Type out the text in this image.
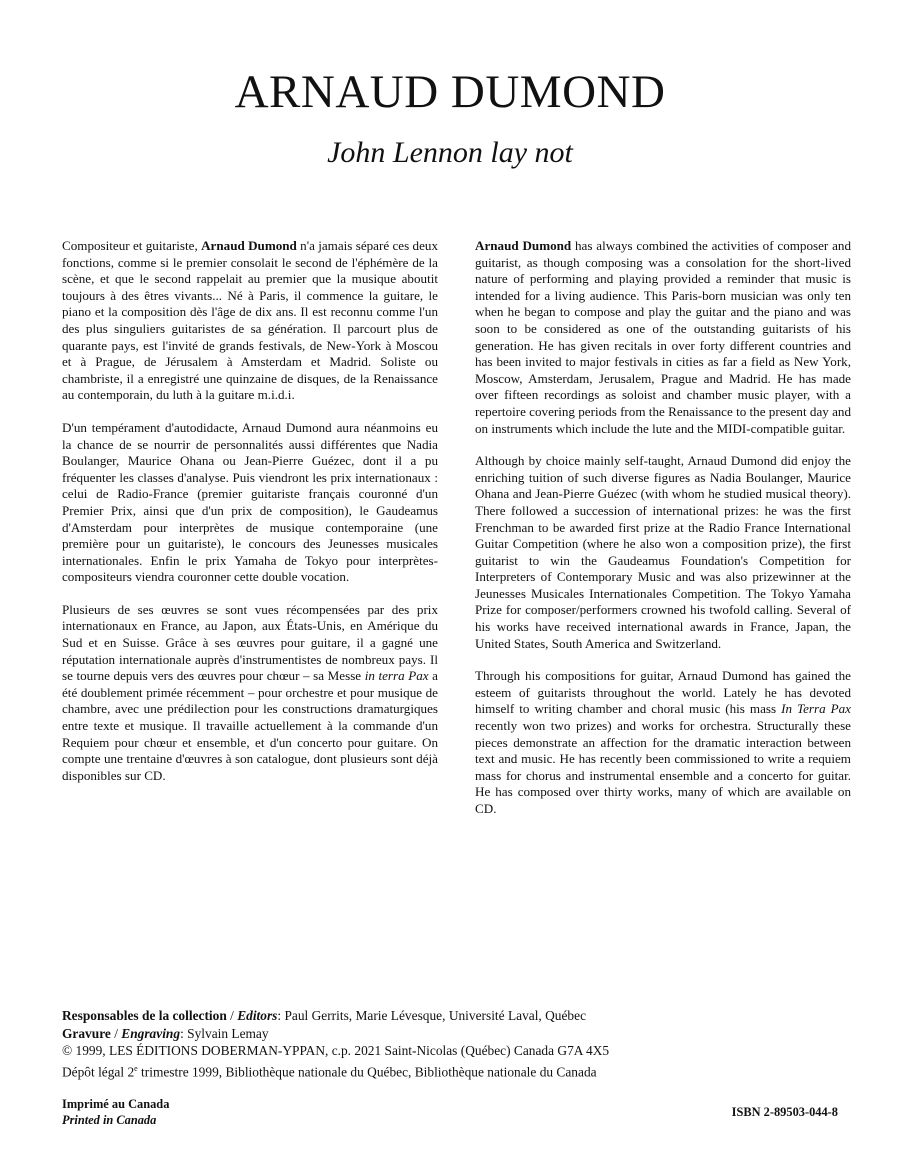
ARNAUD DUMOND
John Lennon lay not

Compositeur et guitariste, Arnaud Dumond n'a jamais séparé ces deux fonctions, comme si le premier consolait le second de l'éphémère de la scène, et que le second rappelait au premier que la musique aboutit toujours à des êtres vivants... Né à Paris, il commence la guitare, le piano et la composition dès l'âge de dix ans. Il est reconnu comme l'un des plus singuliers guitaristes de sa génération. Il parcourt plus de quarante pays, est l'invité de grands festivals, de New-York à Moscou et à Prague, de Jérusalem à Amsterdam et Madrid. Soliste ou chambriste, il a enregistré une quinzaine de disques, de la Renaissance au contemporain, du luth à la guitare m.i.d.i.

D'un tempérament d'autodidacte, Arnaud Dumond aura néanmoins eu la chance de se nourrir de personnalités aussi différentes que Nadia Boulanger, Maurice Ohana ou Jean-Pierre Guézec, dont il a pu fréquenter les classes d'analyse. Puis viendront les prix internationaux : celui de Radio-France (premier guitariste français couronné d'un Premier Prix, ainsi que d'un prix de composition), le Gaudeamus d'Amsterdam pour interprètes de musique contemporaine (une première pour un guitariste), le concours des Jeunesses musicales internationales. Enfin le prix Yamaha de Tokyo pour interprètes-compositeurs viendra couronner cette double vocation.

Plusieurs de ses œuvres se sont vues récompensées par des prix internationaux en France, au Japon, aux États-Unis, en Amérique du Sud et en Suisse. Grâce à ses œuvres pour guitare, il a gagné une réputation internationale auprès d'instrumentistes de nombreux pays. Il se tourne depuis vers des œuvres pour chœur – sa Messe in terra Pax a été doublement primée récemment – pour orchestre et pour musique de chambre, avec une prédilection pour les constructions dramaturgiques entre texte et musique. Il travaille actuellement à la commande d'un Requiem pour chœur et ensemble, et d'un concerto pour guitare. On compte une trentaine d'œuvres à son catalogue, dont plusieurs sont déjà disponibles sur CD.

Arnaud Dumond has always combined the activities of composer and guitarist, as though composing was a consolation for the short-lived nature of performing and playing provided a reminder that music is intended for a living audience. This Paris-born musician was only ten when he began to compose and play the guitar and the piano and was soon to be considered as one of the outstanding guitarists of his generation. He has given recitals in over forty different countries and has been invited to major festivals in cities as far a field as New York, Moscow, Amsterdam, Jerusalem, Prague and Madrid. He has made over fifteen recordings as soloist and chamber music player, with a repertoire covering periods from the Renaissance to the present day and on instruments which include the lute and the MIDI-compatible guitar.

Although by choice mainly self-taught, Arnaud Dumond did enjoy the enriching tuition of such diverse figures as Nadia Boulanger, Maurice Ohana and Jean-Pierre Guézec (with whom he studied musical theory). There followed a succession of international prizes: he was the first Frenchman to be awarded first prize at the Radio France International Guitar Competition (where he also won a composition prize), the first guitarist to win the Gaudeamus Foundation's Competition for Interpreters of Contemporary Music and was also prizewinner at the Jeunesses Musicales Internationales Competition. The Tokyo Yamaha Prize for composer/performers crowned his twofold calling. Several of his works have received international awards in France, Japan, the United States, South America and Switzerland.

Through his compositions for guitar, Arnaud Dumond has gained the esteem of guitarists throughout the world. Lately he has devoted himself to writing chamber and choral music (his mass In Terra Pax recently won two prizes) and works for orchestra. Structurally these pieces demonstrate an affection for the dramatic interaction between text and music. He has recently been commissioned to write a requiem mass for chorus and instrumental ensemble and a concerto for guitar. He has composed over thirty works, many of which are available on CD.

Responsables de la collection / Editors: Paul Gerrits, Marie Lévesque, Université Laval, Québec
Gravure / Engraving: Sylvain Lemay
© 1999, LES ÉDITIONS DOBERMAN-YPPAN, c.p. 2021 Saint-Nicolas (Québec) Canada G7A 4X5
Dépôt légal 2e trimestre 1999, Bibliothèque nationale du Québec, Bibliothèque nationale du Canada
Imprimé au Canada
Printed in Canada
ISBN 2-89503-044-8
